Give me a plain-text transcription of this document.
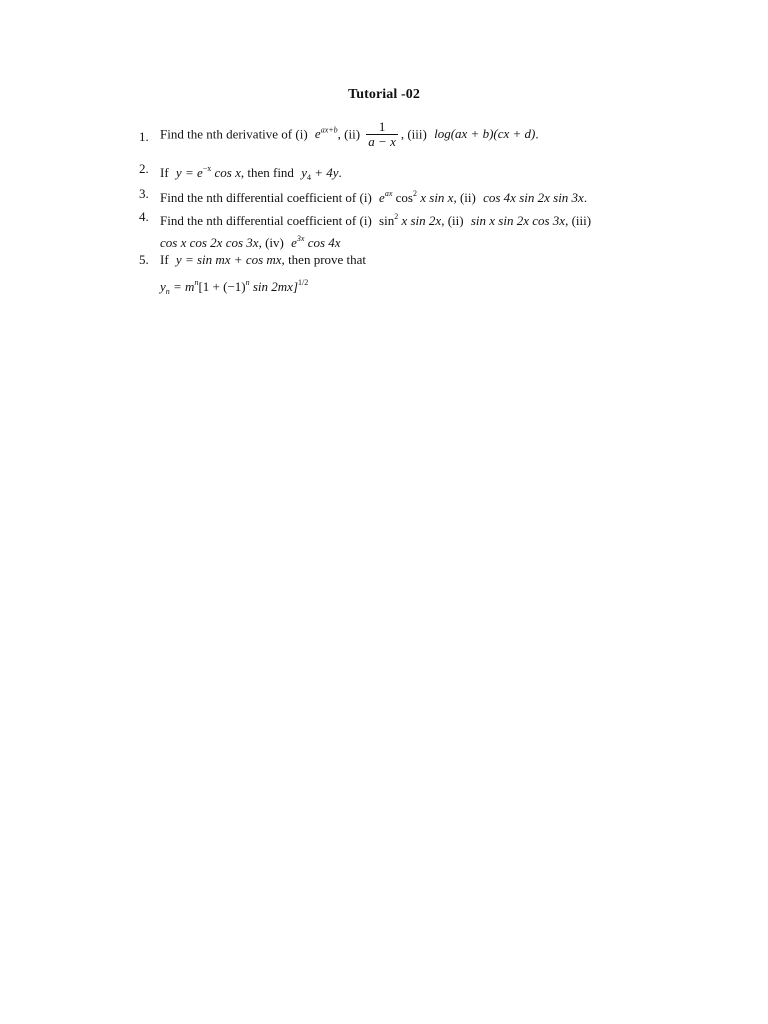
Tutorial -02
1. Find the nth derivative of (i) $e^{ax+b}$, $(ii) \frac{1}{a - x}$ , (iii) log(ax + b)(cx + d).
2. If $y = e^{-x}$ cos x, then find $y_4 + 4y$.
3. Find the nth differential coefficient of (i) $e^{ax}$ $\cos^2 x$ sin x, (ii) cos 4x sin 2x sin 3x.
4. Find the nth differential coefficient of (i) $\sin^2 x$ sin 2x, (ii) sin x sin 2x cos 3x, (iii)
cos x cos 2x cos 3x, (iv) $e^{3x}$ cos 4x
5. If y = sin mx + cos mx, then prove that
$y_n = m^n[1 + (-1)^n$ sin 2mx]$^{1/2}$
